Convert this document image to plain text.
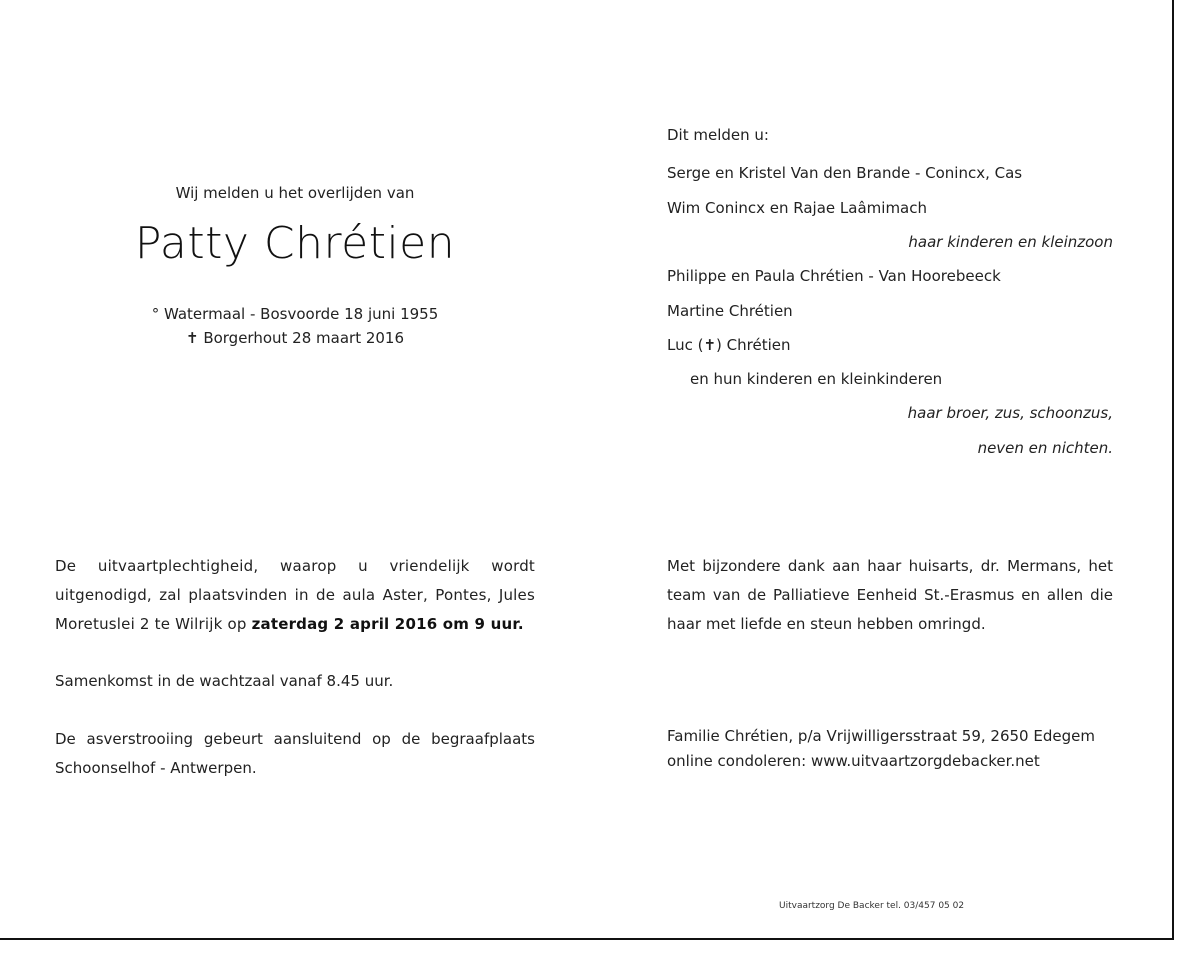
Wij melden u het overlijden van
Patty Chrétien
° Watermaal - Bosvoorde 18 juni 1955
✝ Borgerhout 28 maart 2016
Dit melden u:
Serge en Kristel Van den Brande - Conincx, Cas
Wim Conincx en Rajae Laâmimach
haar kinderen en kleinzoon
Philippe en Paula Chrétien - Van Hoorebeeck
Martine Chrétien
Luc (✝) Chrétien
en hun kinderen en kleinkinderen
haar broer, zus, schoonzus,
neven en nichten.
De uitvaartplechtigheid, waarop u vriendelijk wordt uitgenodigd, zal plaatsvinden in de aula Aster, Pontes, Jules Moretuslei 2 te Wilrijk op zaterdag 2 april 2016 om 9 uur.
Samenkomst in de wachtzaal vanaf 8.45 uur.
De asverstrooiing gebeurt aansluitend op de begraafplaats Schoonselhof - Antwerpen.
Met bijzondere dank aan haar huisarts, dr. Mermans, het team van de Palliatieve Eenheid St.-Erasmus en allen die haar met liefde en steun hebben omringd.
Familie Chrétien, p/a Vrijwilligersstraat 59, 2650 Edegem
online condoleren: www.uitvaartzorgdebacker.net
Uitvaartzorg De Backer tel. 03/457 05 02
